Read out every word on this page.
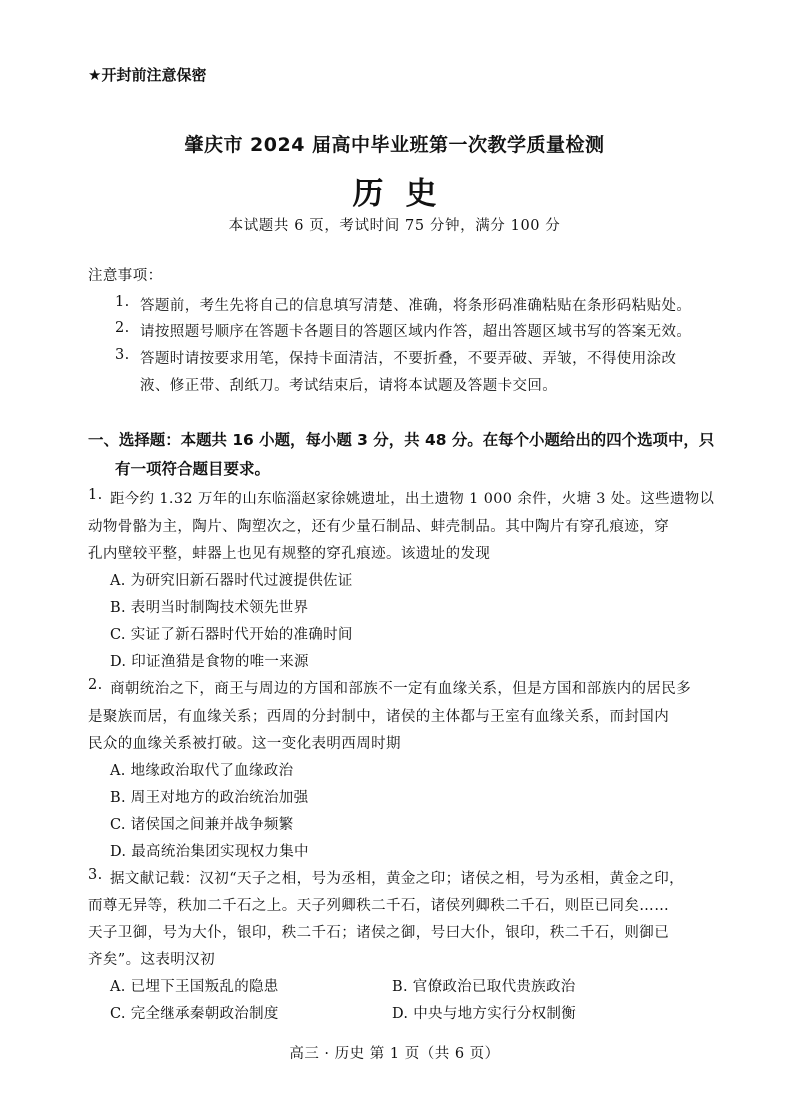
★开封前注意保密
肇庆市 2024 届高中毕业班第一次教学质量检测
历史
本试题共 6 页，考试时间 75 分钟，满分 100 分
注意事项：
1. 答题前，考生先将自己的信息填写清楚、准确，将条形码准确粘贴在条形码粘贴处。
2. 请按照题号顺序在答题卡各题目的答题区域内作答，超出答题区域书写的答案无效。
3. 答题时请按要求用笔，保持卡面清洁，不要折叠，不要弄破、弄皱，不得使用涂改
液、修正带、刮纸刀。考试结束后，请将本试题及答题卡交回。
一、选择题：本题共 16 小题，每小题 3 分，共 48 分。在每个小题给出的四个选项中，只
有一项符合题目要求。
1. 距今约 1.32 万年的山东临淄赵家徐姚遗址，出土遗物 1 000 余件，火塘 3 处。这些遗物以
动物骨骼为主，陶片、陶塑次之，还有少量石制品、蚌壳制品。其中陶片有穿孔痕迹，穿
孔内壁较平整，蚌器上也见有规整的穿孔痕迹。该遗址的发现
A. 为研究旧新石器时代过渡提供佐证
B. 表明当时制陶技术领先世界
C. 实证了新石器时代开始的准确时间
D. 印证渔猎是食物的唯一来源
2. 商朝统治之下，商王与周边的方国和部族不一定有血缘关系，但是方国和部族内的居民多
是聚族而居，有血缘关系；西周的分封制中，诸侯的主体都与王室有血缘关系，而封国内
民众的血缘关系被打破。这一变化表明西周时期
A. 地缘政治取代了血缘政治
B. 周王对地方的政治统治加强
C. 诸侯国之间兼并战争频繁
D. 最高统治集团实现权力集中
3. 据文献记载：汉初“天子之相，号为丞相，黄金之印；诸侯之相，号为丞相，黄金之印，
而尊无异等，秩加二千石之上。天子列卿秩二千石，诸侯列卿秩二千石，则臣已同矣……
天子卫御，号为大仆，银印，秩二千石；诸侯之御，号曰大仆，银印，秩二千石，则御已
齐矣”。这表明汉初
A. 已埋下王国叛乱的隐患	B. 官僚政治已取代贵族政治
C. 完全继承秦朝政治制度	D. 中央与地方实行分权制衡
高三 · 历史 第 1 页（共 6 页）
